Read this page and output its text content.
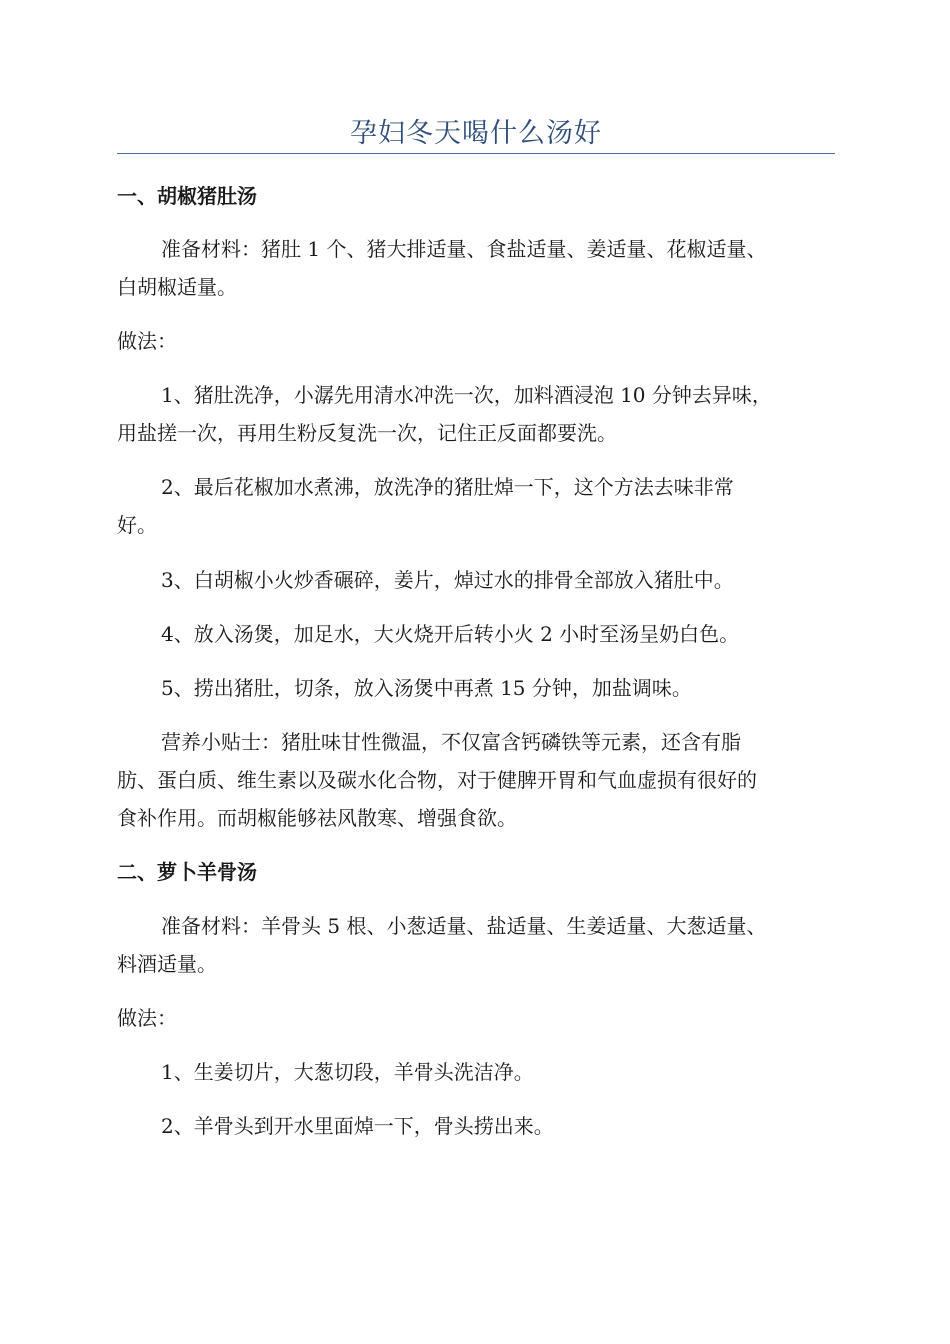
孕妇冬天喝什么汤好
一、胡椒猪肚汤
准备材料：猪肚 1 个、猪大排适量、食盐适量、姜适量、花椒适量、
白胡椒适量。
做法：
1、猪肚洗净，小潺先用清水冲洗一次，加料酒浸泡 10 分钟去异味，
用盐搓一次，再用生粉反复洗一次，记住正反面都要洗。
2、最后花椒加水煮沸，放洗净的猪肚焯一下，这个方法去味非常
好。
3、白胡椒小火炒香碾碎，姜片，焯过水的排骨全部放入猪肚中。
4、放入汤煲，加足水，大火烧开后转小火 2 小时至汤呈奶白色。
5、捞出猪肚，切条，放入汤煲中再煮 15 分钟，加盐调味。
营养小贴士：猪肚味甘性微温，不仅富含钙磷铁等元素，还含有脂
肪、蛋白质、维生素以及碳水化合物，对于健脾开胃和气血虚损有很好的
食补作用。而胡椒能够祛风散寒、增强食欲。
二、萝卜羊骨汤
准备材料：羊骨头 5 根、小葱适量、盐适量、生姜适量、大葱适量、
料酒适量。
做法：
1、生姜切片，大葱切段，羊骨头洗洁净。
2、羊骨头到开水里面焯一下，骨头捞出来。
